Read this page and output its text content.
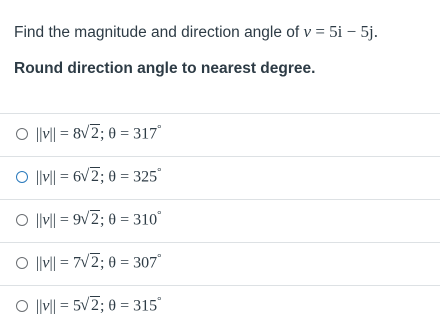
Find the magnitude and direction angle of v = 5i − 5j.
Round direction angle to nearest degree.
||v|| = 8 √ 2; θ = 317°
||v|| = 6 √ 2; θ = 325°
||v|| = 9 √ 2; θ = 310°
||v|| = 7 √ 2; θ = 307°
||v|| = 5 √ 2; θ = 315°
